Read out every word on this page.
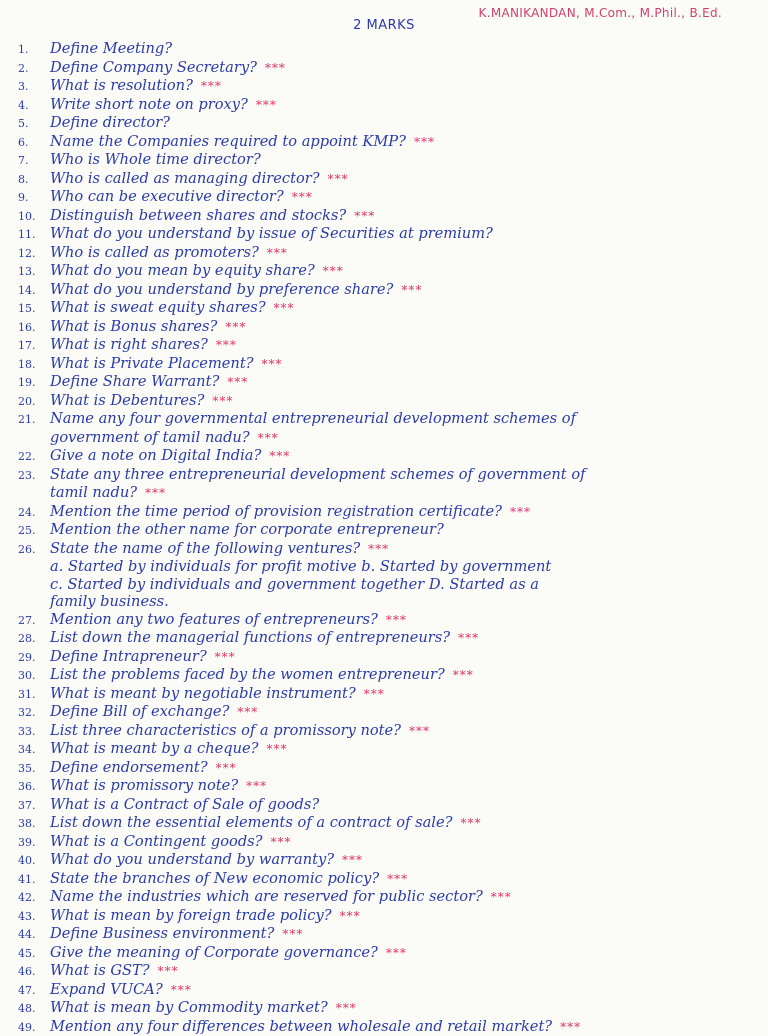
K.MANIKANDAN, M.Com., M.Phil., B.Ed.
2 MARKS
1.	Define Meeting?
2.	Define Company Secretary? ***
3.	What is resolution? ***
4.	Write short note on proxy? ***
5.	Define director?
6.	Name the Companies required to appoint KMP? ***
7.	Who is Whole time director?
8.	Who is called as managing director? ***
9.	Who can be executive director? ***
10. Distinguish between shares and stocks? ***
11. What do you understand by issue of Securities at premium?
12. Who is called as promoters? ***
13. What do you mean by equity share? ***
14. What do you understand by preference share? ***
15. What is sweat equity shares? ***
16. What is Bonus shares? ***
17. What is right shares? ***
18. What is Private Placement? ***
19. Define Share Warrant? ***
20. What is Debentures? ***
21. Name any four governmental entrepreneurial development schemes of
government of tamil nadu? ***
22. Give a note on Digital India? ***
23. State any three entrepreneurial development schemes of government of
tamil nadu? ***
24. Mention the time period of provision registration certificate? ***
25. Mention the other name for corporate entrepreneur?
26. State the name of the following ventures? ***
a. Started by individuals for profit motive b. Started by government
c. Started by individuals and government together D. Started as a
family business.
27. Mention any two features of entrepreneurs? ***
28. List down the managerial functions of entrepreneurs? ***
29. Define Intrapreneur? ***
30. List the problems faced by the women entrepreneur? ***
31. What is meant by negotiable instrument? ***
32. Define Bill of exchange? ***
33. List three characteristics of a promissory note? ***
34. What is meant by a cheque? ***
35. Define endorsement? ***
36. What is promissory note? ***
37. What is a Contract of Sale of goods?
38. List down the essential elements of a contract of sale? ***
39. What is a Contingent goods? ***
40. What do you understand by warranty? ***
41. State the branches of New economic policy? ***
42. Name the industries which are reserved for public sector? ***
43. What is mean by foreign trade policy? ***
44. Define Business environment? ***
45. Give the meaning of Corporate governance? ***
46. What is GST? ***
47. Expand VUCA? ***
48. What is mean by Commodity market? ***
49. Mention any four differences between wholesale and retail market? ***
